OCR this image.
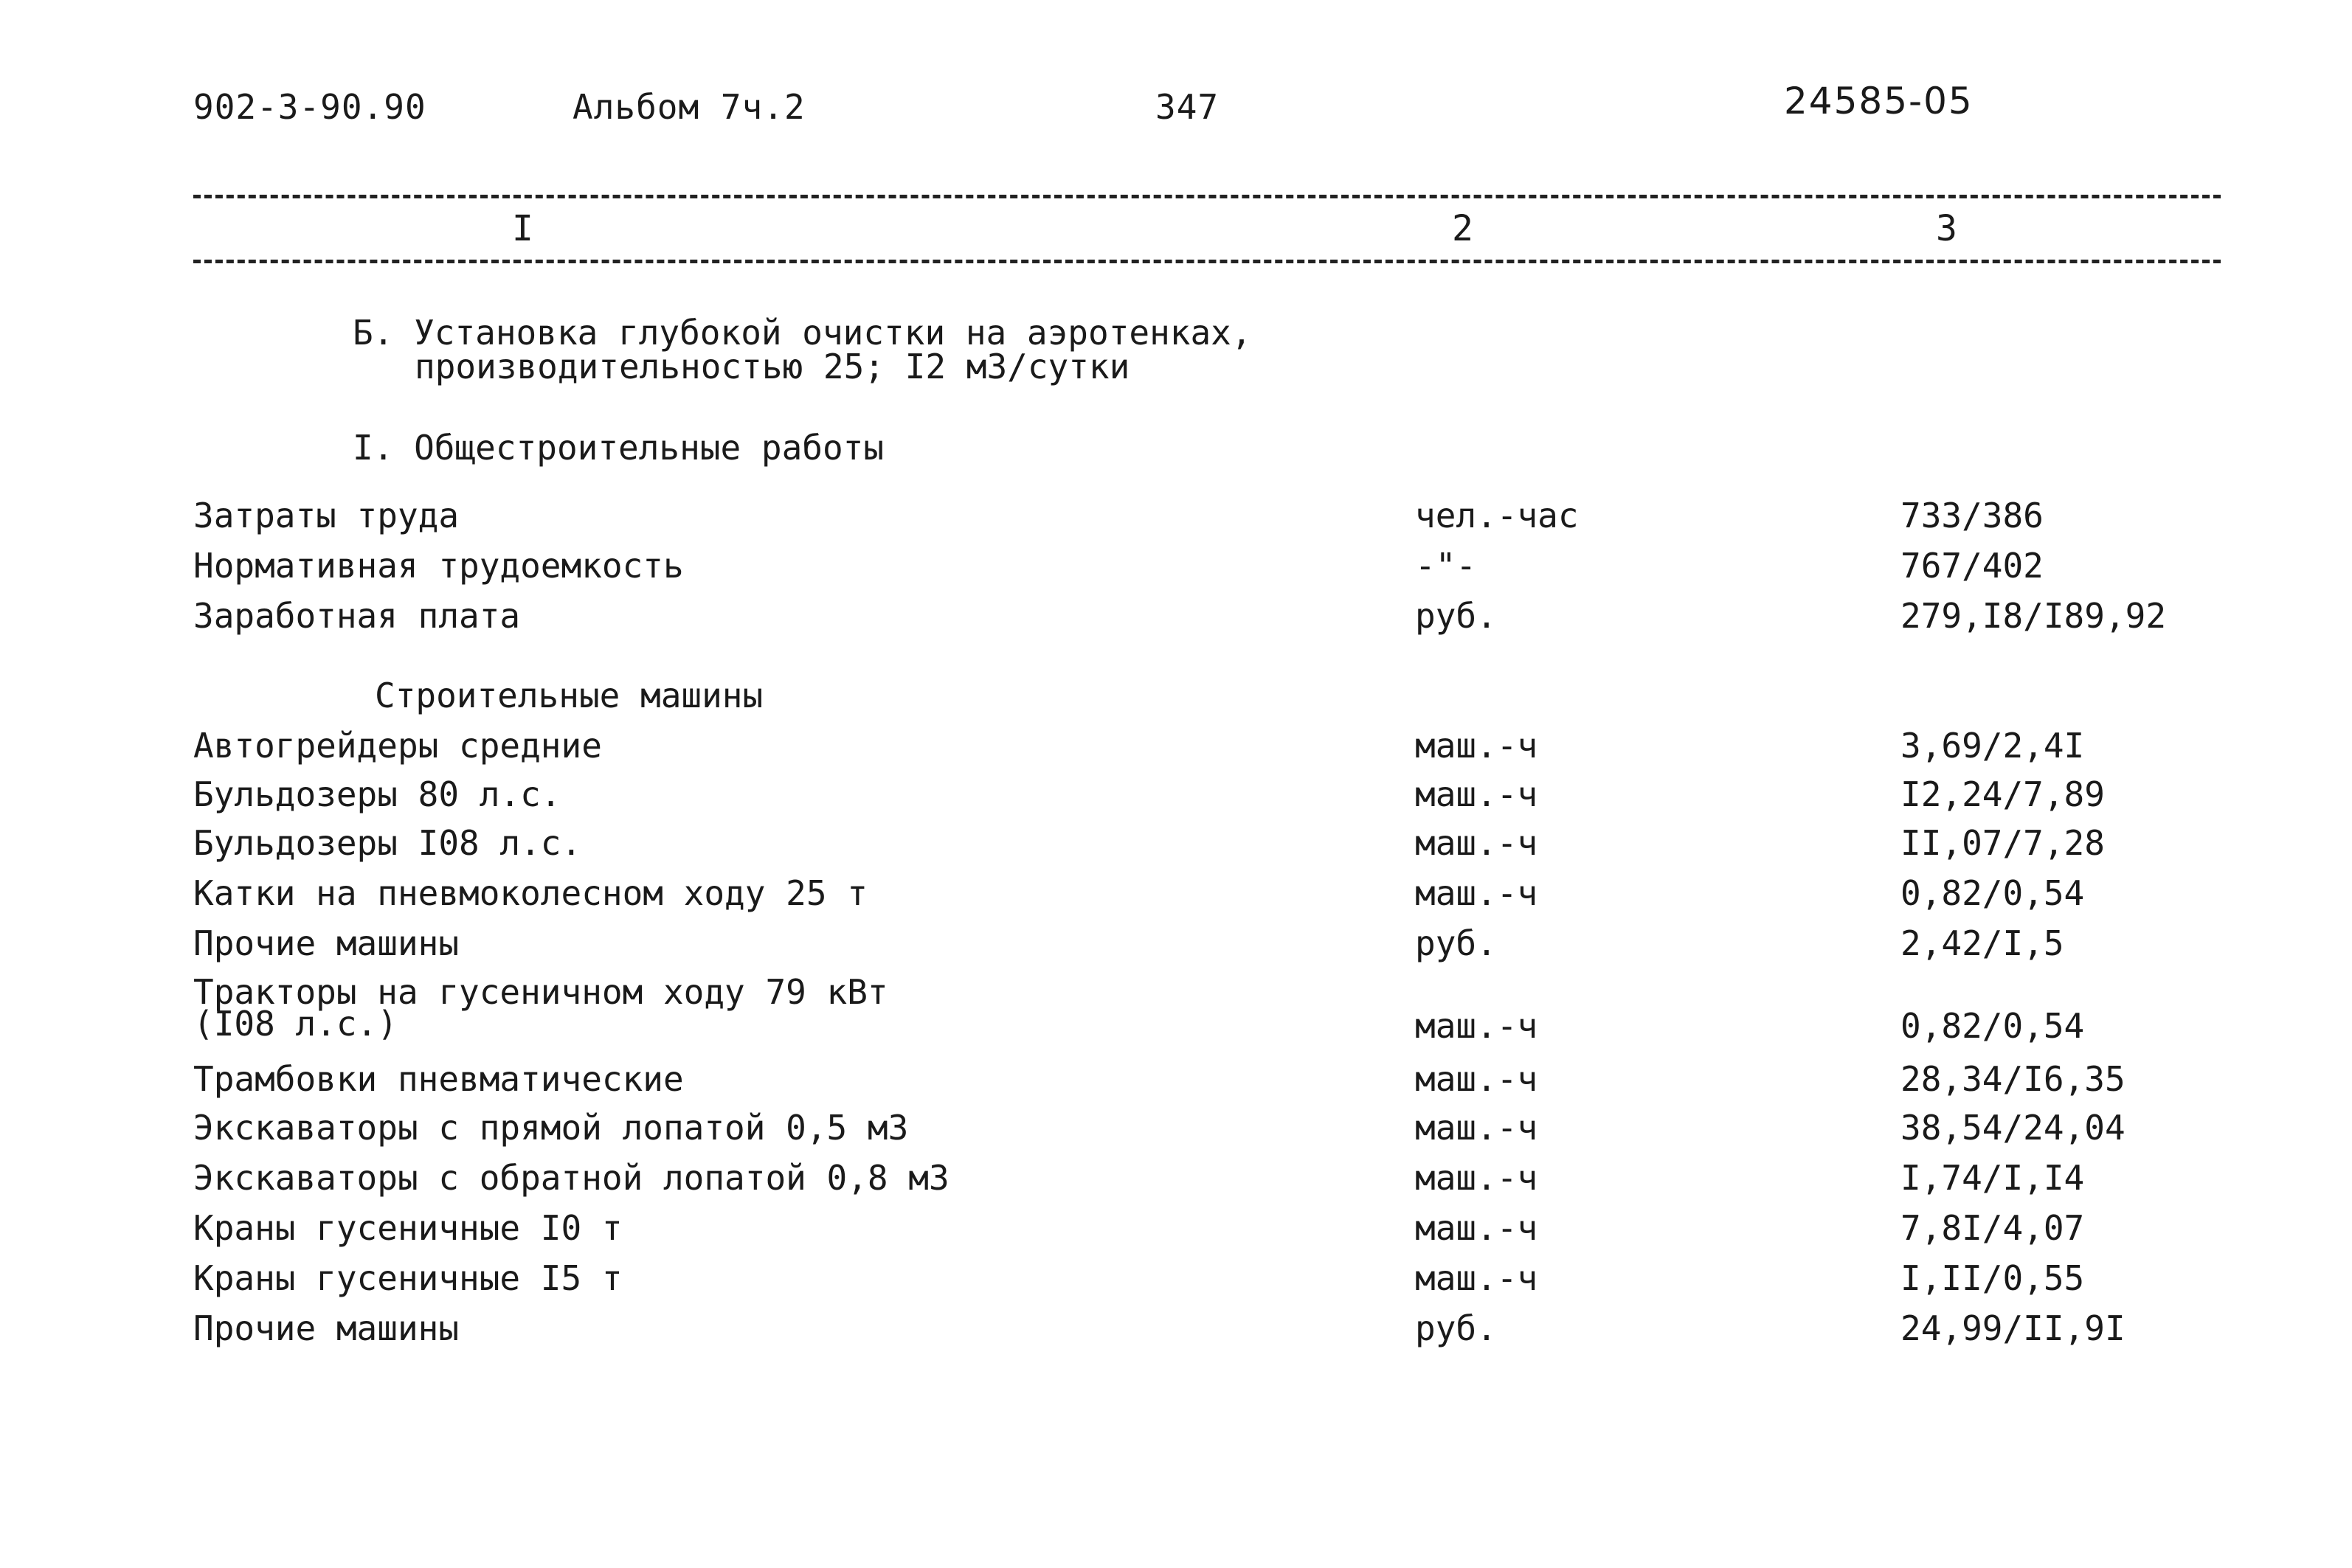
902-3-90.90	Альбом 7ч.2	347	24585-05
I	2	3
Б. Установка глубокой очистки на аэротенках,
производительностью 25; I2 м3/сутки
I. Общестроительные работы
Затраты труда	чел.-час	733/386
Нормативная трудоемкость	-"-	767/402
Заработная плата	руб.	279,I8/I89,92
Строительные машины
Автогрейдеры средние	маш.-ч	3,69/2,4I
Бульдозеры 80 л.с.	маш.-ч	I2,24/7,89
Бульдозеры I08 л.с.	маш.-ч	II,07/7,28
Катки на пневмоколесном ходу 25 т	маш.-ч	0,82/0,54
Прочие машины	руб.	2,42/I,5
Тракторы на гусеничном ходу 79 кВт
(I08 л.с.)	маш.-ч	0,82/0,54
Трамбовки пневматические	маш.-ч	28,34/I6,35
Экскаваторы с прямой лопатой 0,5 м3	маш.-ч	38,54/24,04
Экскаваторы с обратной лопатой 0,8 м3	маш.-ч	I,74/I,I4
Краны гусеничные I0 т	маш.-ч	7,8I/4,07
Краны гусеничные I5 т	маш.-ч	I,II/0,55
Прочие машины	руб.	24,99/II,9I
